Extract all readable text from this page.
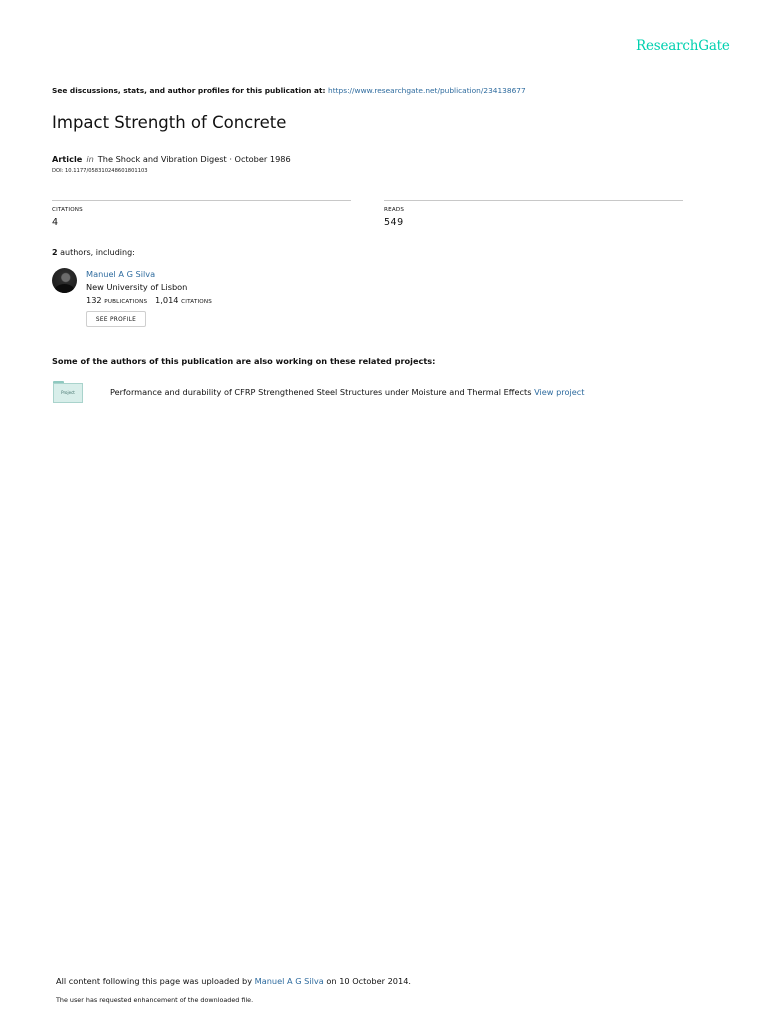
ResearchGate
See discussions, stats, and author profiles for this publication at: https://www.researchgate.net/publication/234138677
Impact Strength of Concrete
Article in The Shock and Vibration Digest · October 1986
DOI: 10.1177/058310248601801103
CITATIONS
4
READS
549
2 authors, including:
Manuel A G Silva
New University of Lisbon
132 PUBLICATIONS 1,014 CITATIONS
SEE PROFILE
Some of the authors of this publication are also working on these related projects:
Project	Performance and durability of CFRP Strengthened Steel Structures under Moisture and Thermal Effects View project
All content following this page was uploaded by Manuel A G Silva on 10 October 2014.
The user has requested enhancement of the downloaded file.
